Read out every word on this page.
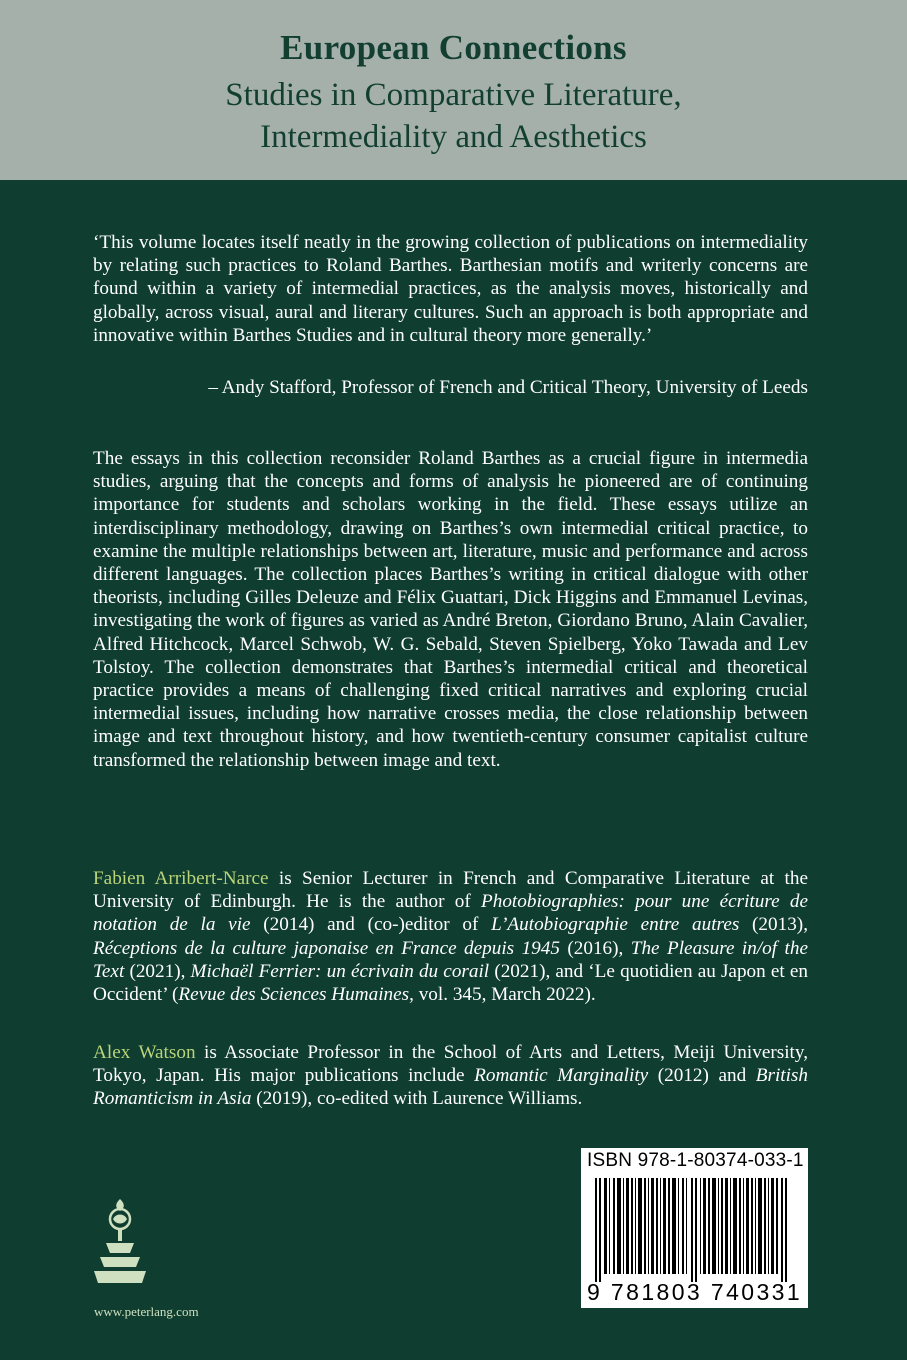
European Connections
Studies in Comparative Literature,
Intermediality and Aesthetics
‘This volume locates itself neatly in the growing collection of publications on intermediality by relating such practices to Roland Barthes. Barthesian motifs and writerly concerns are found within a variety of intermedial practices, as the analysis moves, historically and globally, across visual, aural and literary cultures. Such an approach is both appropriate and innovative within Barthes Studies and in cultural theory more generally.’
– Andy Stafford, Professor of French and Critical Theory, University of Leeds
The essays in this collection reconsider Roland Barthes as a crucial figure in intermedia studies, arguing that the concepts and forms of analysis he pioneered are of continuing importance for students and scholars working in the field. These essays utilize an interdisciplinary methodology, drawing on Barthes’s own intermedial critical practice, to examine the multiple relationships between art, literature, music and performance and across different languages. The collection places Barthes’s writing in critical dialogue with other theorists, including Gilles Deleuze and Félix Guattari, Dick Higgins and Emmanuel Levinas, investigating the work of figures as varied as André Breton, Giordano Bruno, Alain Cavalier, Alfred Hitchcock, Marcel Schwob, W. G. Sebald, Steven Spielberg, Yoko Tawada and Lev Tolstoy. The collection demonstrates that Barthes’s intermedial critical and theoretical practice provides a means of challenging fixed critical narratives and exploring crucial intermedial issues, including how narrative crosses media, the close relationship between image and text throughout history, and how twentieth-century consumer capitalist culture transformed the relationship between image and text.
Fabien Arribert-Narce is Senior Lecturer in French and Comparative Literature at the University of Edinburgh. He is the author of Photobiographies: pour une écriture de notation de la vie (2014) and (co-)editor of L’Autobiographie entre autres (2013), Réceptions de la culture japonaise en France depuis 1945 (2016), The Pleasure in/of the Text (2021), Michaël Ferrier: un écrivain du corail (2021), and ‘Le quotidien au Japon et en Occident’ (Revue des Sciences Humaines, vol. 345, March 2022).
Alex Watson is Associate Professor in the School of Arts and Letters, Meiji University, Tokyo, Japan. His major publications include Romantic Marginality (2012) and British Romanticism in Asia (2019), co-edited with Laurence Williams.
www.peterlang.com
ISBN 978-1-80374-033-1
9 781803 740331
